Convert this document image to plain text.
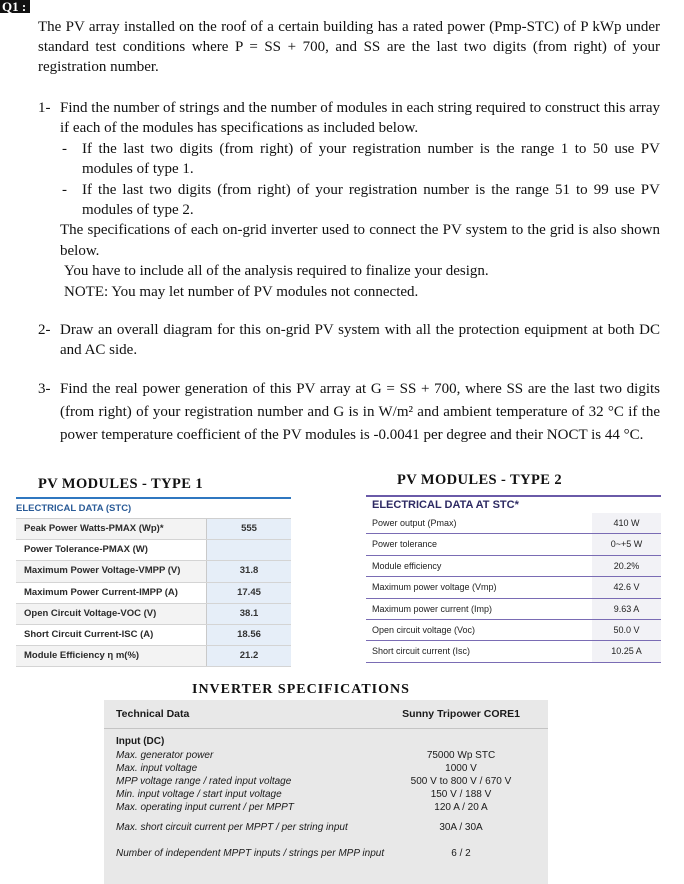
Q1 :
The PV array installed on the roof of a certain building has a rated power (Pmp-STC) of P kWp under standard test conditions where P = SS + 700, and SS are the last two digits (from right) of your registration number.
1- Find the number of strings and the number of modules in each string required to construct this array if each of the modules has specifications as included below.
- If the last two digits (from right) of your registration number is the range 1 to 50 use PV modules of type 1.
- If the last two digits (from right) of your registration number is the range 51 to 99 use PV modules of type 2.
The specifications of each on-grid inverter used to connect the PV system to the grid is also shown below.
You have to include all of the analysis required to finalize your design.
NOTE: You may let number of PV modules not connected.
2- Draw an overall diagram for this on-grid PV system with all the protection equipment at both DC and AC side.
3- Find the real power generation of this PV array at G = SS + 700, where SS are the last two digits (from right) of your registration number and G is in W/m² and ambient temperature of 32 °C if the power temperature coefficient of the PV modules is -0.0041 per degree and their NOCT is 44 °C.
PV MODULES - TYPE 1
ELECTRICAL DATA (STC)
Peak Power Watts-PMAX (Wp)*	555
Power Tolerance-PMAX (W)
Maximum Power Voltage-VMPP (V)	31.8
Maximum Power Current-IMPP (A)	17.45
Open Circuit Voltage-VOC (V)	38.1
Short Circuit Current-ISC (A)	18.56
Module Efficiency η m(%)	21.2
PV MODULES - TYPE 2
ELECTRICAL DATA AT STC*
Power output (Pmax)	410 W
Power tolerance	0~+5 W
Module efficiency	20.2%
Maximum power voltage (Vmp)	42.6 V
Maximum power current (Imp)	9.63 A
Open circuit voltage (Voc)	50.0 V
Short circuit current (Isc)	10.25 A
INVERTER SPECIFICATIONS
Technical Data	Sunny Tripower CORE1
Input (DC)
Max. generator power	75000 Wp STC
Max. input voltage	1000 V
MPP voltage range / rated input voltage	500 V to 800 V / 670 V
Min. input voltage / start input voltage	150 V / 188 V
Max. operating input current / per MPPT	120 A / 20 A
Max. short circuit current per MPPT / per string input	30A / 30A
Number of independent MPPT inputs / strings per MPP input	6 / 2
